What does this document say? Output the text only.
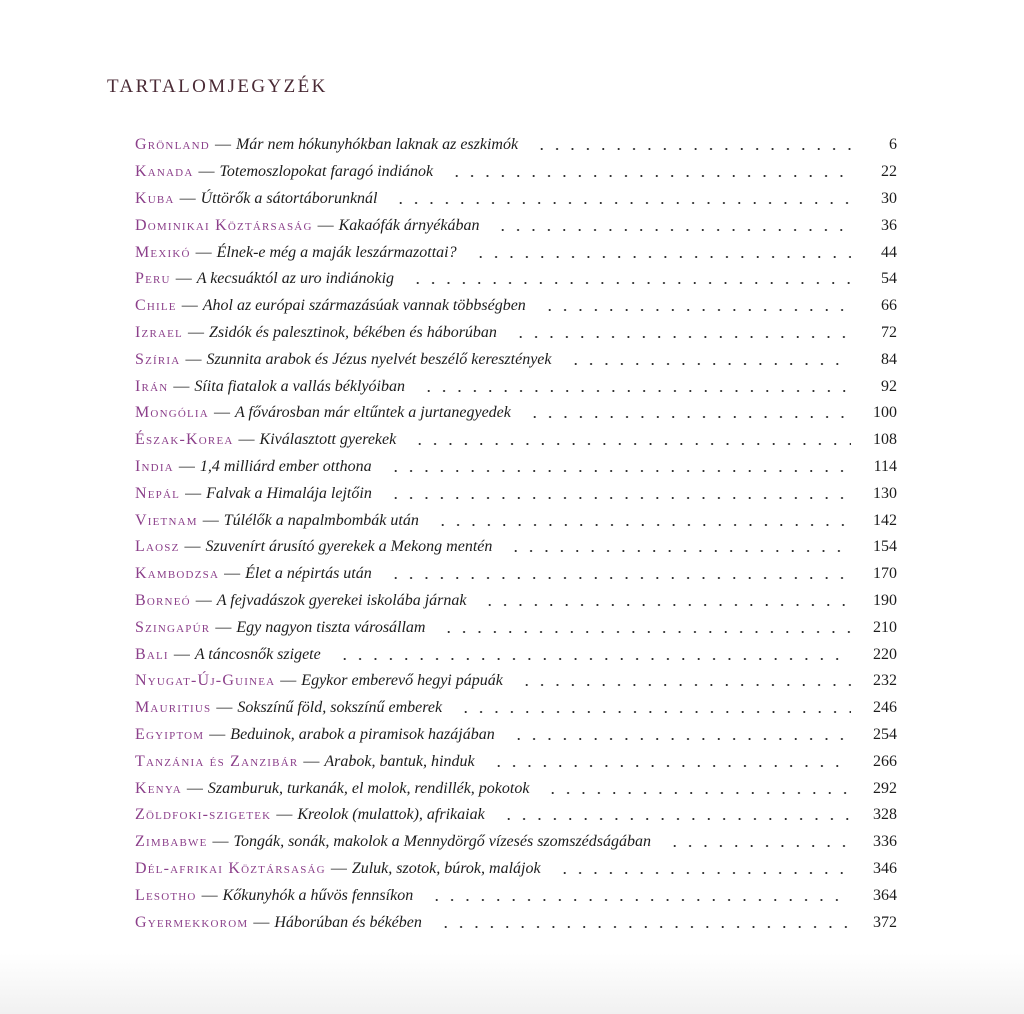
TARTALOMJEGYZÉK
Grönland — Már nem hókunyhókban laknak az eszkimók	6
Kanada — Totemoszlopokat faragó indiánok	22
Kuba — Úttörők a sátortáborunknál	30
Dominikai Köztársaság — Kakaófák árnyékában	36
Mexikó — Élnek-e még a maják leszármazottai?	44
Peru — A kecsuáktól az uro indiánokig	54
Chile — Ahol az európai származásúak vannak többségben	66
Izrael — Zsidók és palesztinok, békében és háborúban	72
Szíria — Szunnita arabok és Jézus nyelvét beszélő keresztények	84
Irán — Síita fiatalok a vallás béklyóiban	92
Mongólia — A fővárosban már eltűntek a jurtanegyedek	100
Észak-Korea — Kiválasztott gyerekek	108
India — 1,4 milliárd ember otthona	114
Nepál — Falvak a Himalája lejtőin	130
Vietnam — Túlélők a napalmbombák után	142
Laosz — Szuvenírt árusító gyerekek a Mekong mentén	154
Kambodzsa — Élet a népirtás után	170
Borneó — A fejvadászok gyerekei iskolába járnak	190
Szingapúr — Egy nagyon tiszta városállam	210
Bali — A táncosnők szigete	220
Nyugat-Új-Guinea — Egykor emberevő hegyi pápuák	232
Mauritius — Sokszínű föld, sokszínű emberek	246
Egyiptom — Beduinok, arabok a piramisok hazájában	254
Tanzánia és Zanzibár — Arabok, bantuk, hinduk	266
Kenya — Szamburuk, turkanák, el molok, rendillék, pokotok	292
Zöldfoki-szigetek — Kreolok (mulattok), afrikaiak	328
Zimbabwe — Tongák, sonák, makolok a Mennydörgő vízesés szomszédságában	336
Dél-afrikai Köztársaság — Zuluk, szotok, búrok, malájok	346
Lesotho — Kőkunyhók a hűvös fennsíkon	364
Gyermekkorom — Háborúban és békében	372
